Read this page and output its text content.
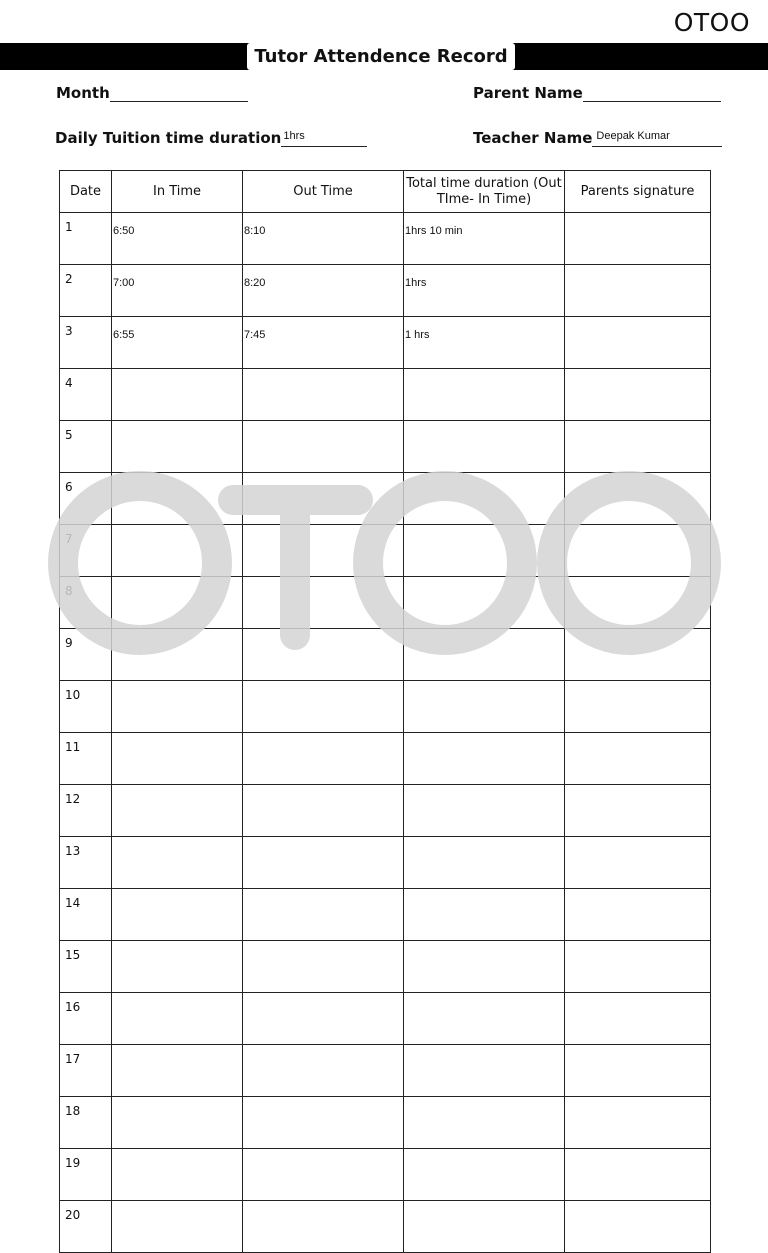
OTOO
Tutor Attendence Record
Month	Parent Name
Daily Tuition time duration 1hrs	Teacher Name Deepak Kumar
Date	In Time	Out Time	Total time duration (Out TIme- In Time)	Parents signature
1	6:50	8:10	1hrs 10 min	
2	7:00	8:20	1hrs	
3	6:55	7:45	1 hrs	
4				
5				
6				
7				
8				
9				
10				
11				
12				
13				
14				
15				
16				
17				
18				
19				
20				
